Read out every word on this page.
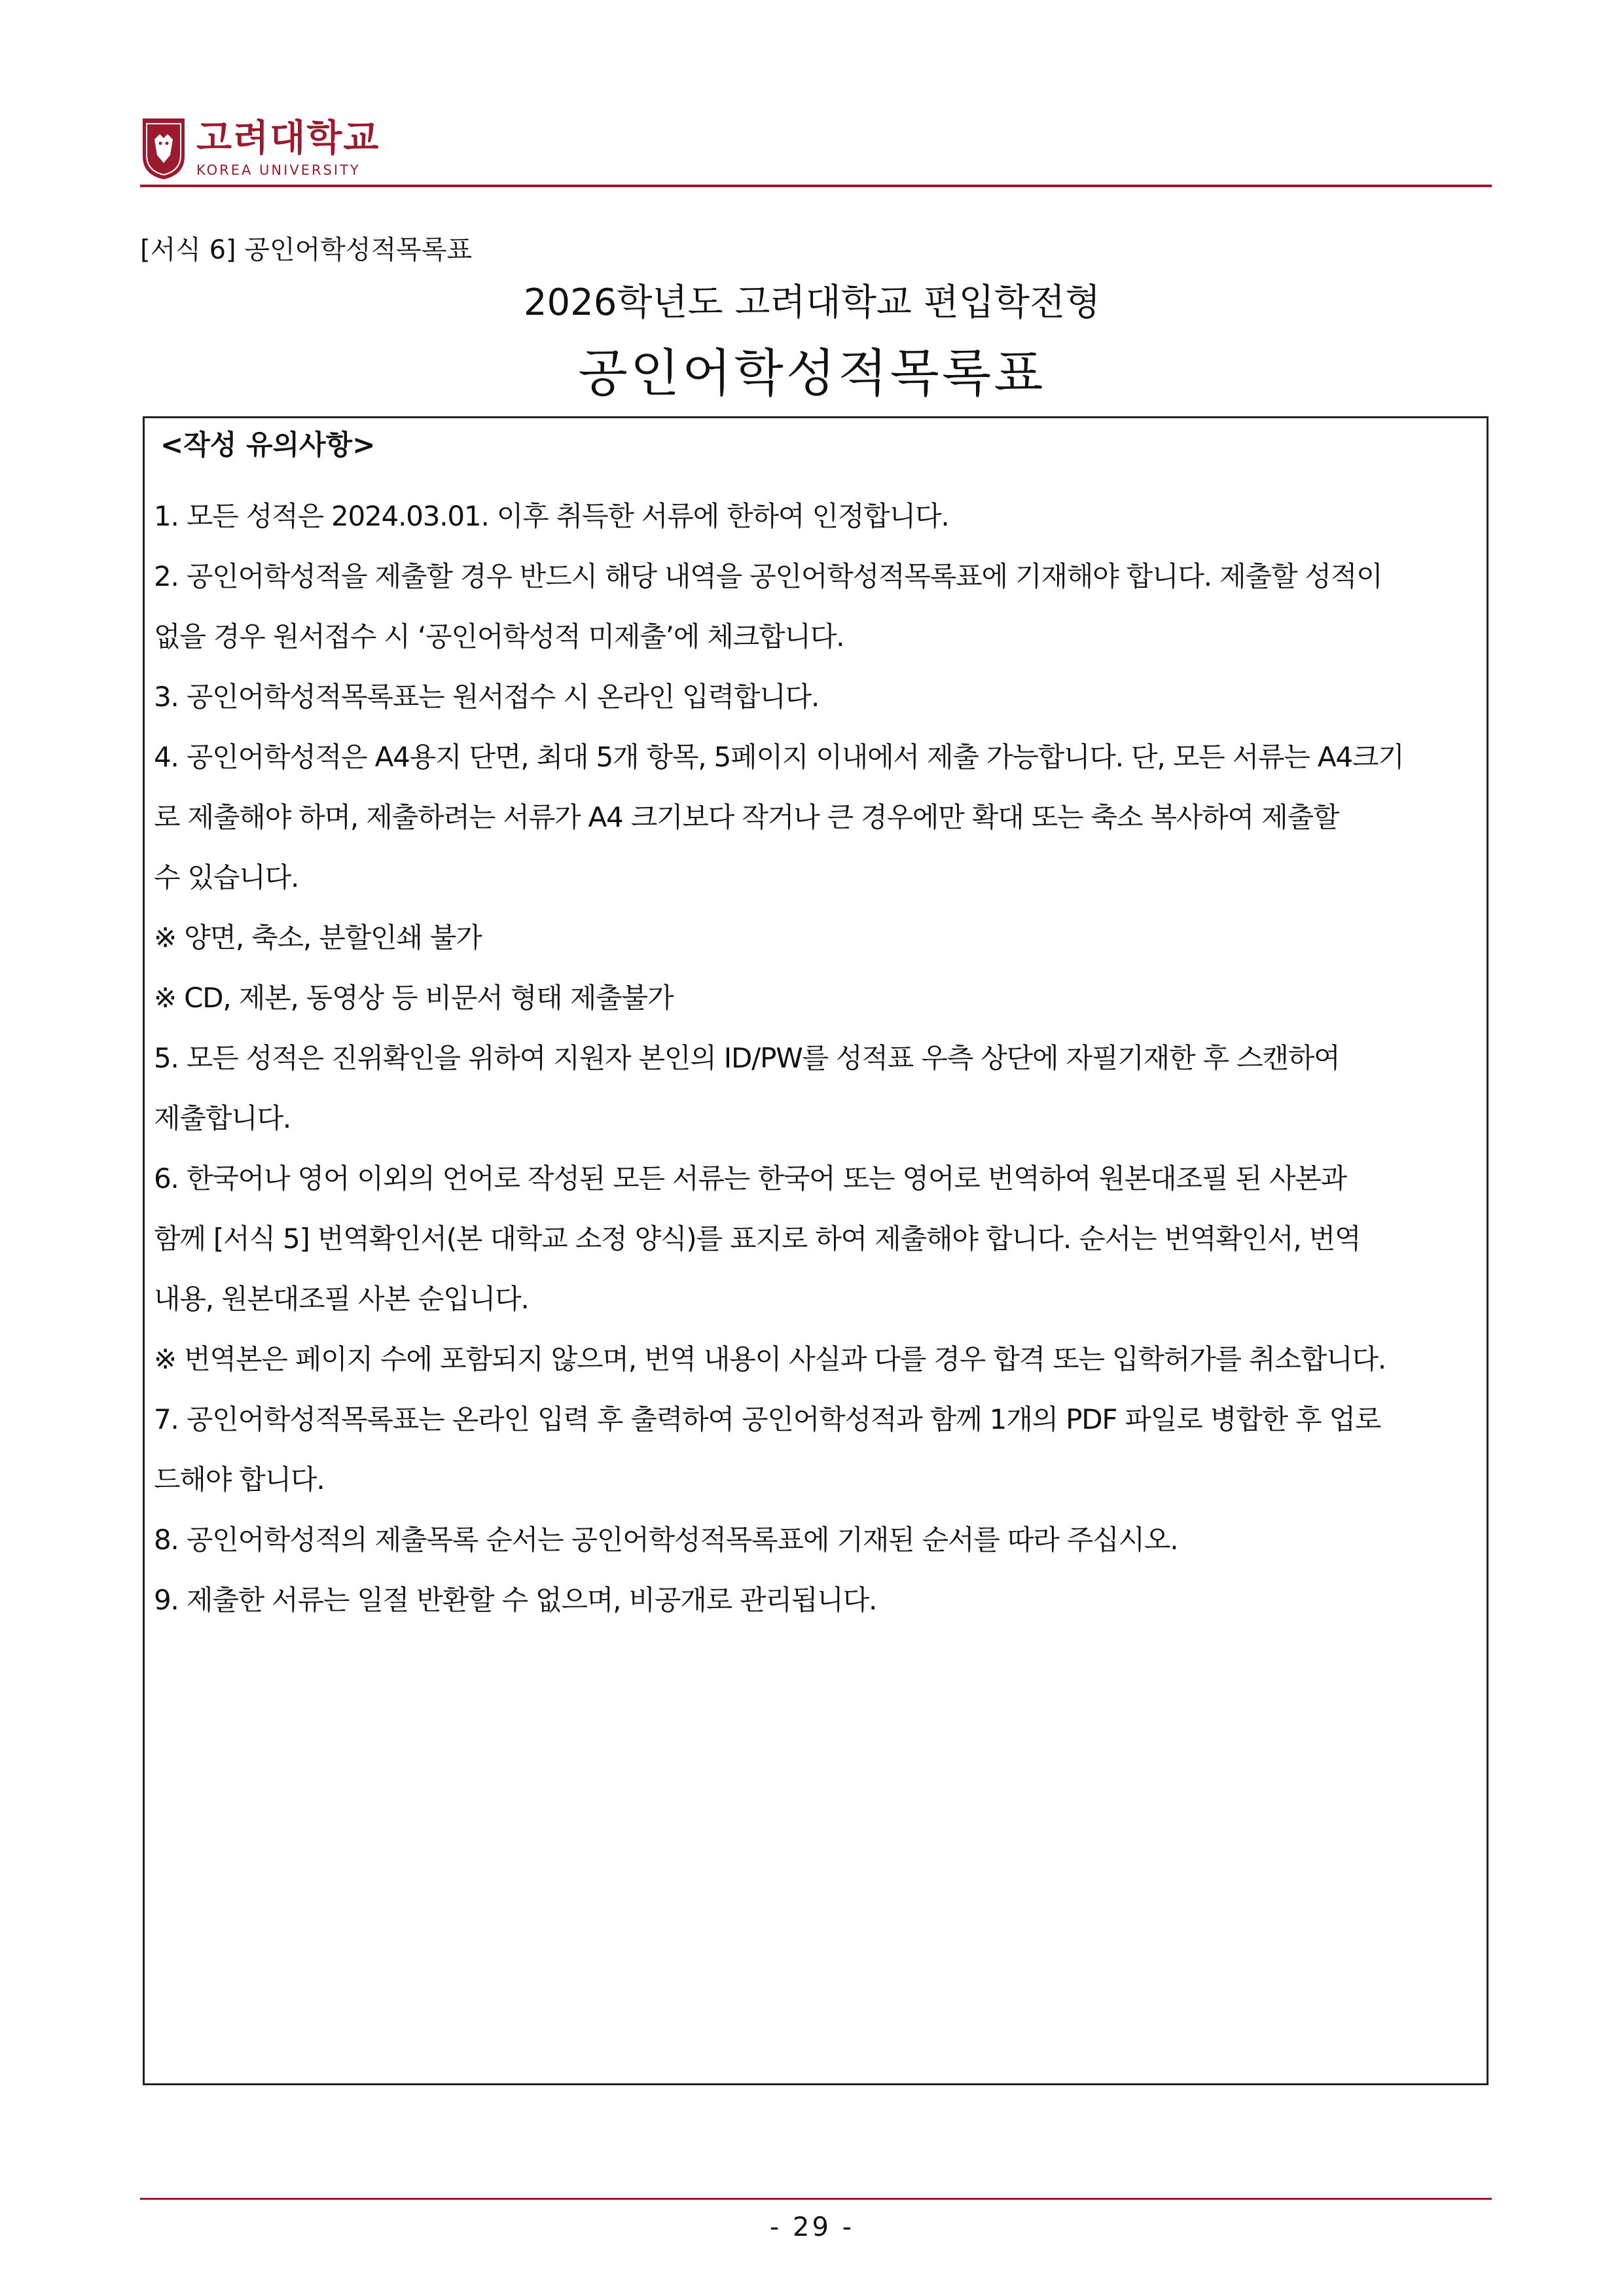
고려대학교
KOREA UNIVERSITY
[서식 6] 공인어학성적목록표
2026학년도 고려대학교 편입학전형
공인어학성적목록표
<작성 유의사항>
1. 모든 성적은 2024.03.01. 이후 취득한 서류에 한하여 인정합니다.
2. 공인어학성적을 제출할 경우 반드시 해당 내역을 공인어학성적목록표에 기재해야 합니다. 제출할 성적이
없을 경우 원서접수 시 ‘공인어학성적 미제출’에 체크합니다.
3. 공인어학성적목록표는 원서접수 시 온라인 입력합니다.
4. 공인어학성적은 A4용지 단면, 최대 5개 항목, 5페이지 이내에서 제출 가능합니다. 단, 모든 서류는 A4크기
로 제출해야 하며, 제출하려는 서류가 A4 크기보다 작거나 큰 경우에만 확대 또는 축소 복사하여 제출할
수 있습니다.
※ 양면, 축소, 분할인쇄 불가
※ CD, 제본, 동영상 등 비문서 형태 제출불가
5. 모든 성적은 진위확인을 위하여 지원자 본인의 ID/PW를 성적표 우측 상단에 자필기재한 후 스캔하여
제출합니다.
6. 한국어나 영어 이외의 언어로 작성된 모든 서류는 한국어 또는 영어로 번역하여 원본대조필 된 사본과
함께 [서식 5] 번역확인서(본 대학교 소정 양식)를 표지로 하여 제출해야 합니다. 순서는 번역확인서, 번역
내용, 원본대조필 사본 순입니다.
※ 번역본은 페이지 수에 포함되지 않으며, 번역 내용이 사실과 다를 경우 합격 또는 입학허가를 취소합니다.
7. 공인어학성적목록표는 온라인 입력 후 출력하여 공인어학성적과 함께 1개의 PDF 파일로 병합한 후 업로
드해야 합니다.
8. 공인어학성적의 제출목록 순서는 공인어학성적목록표에 기재된 순서를 따라 주십시오.
9. 제출한 서류는 일절 반환할 수 없으며, 비공개로 관리됩니다.
- 29 -
